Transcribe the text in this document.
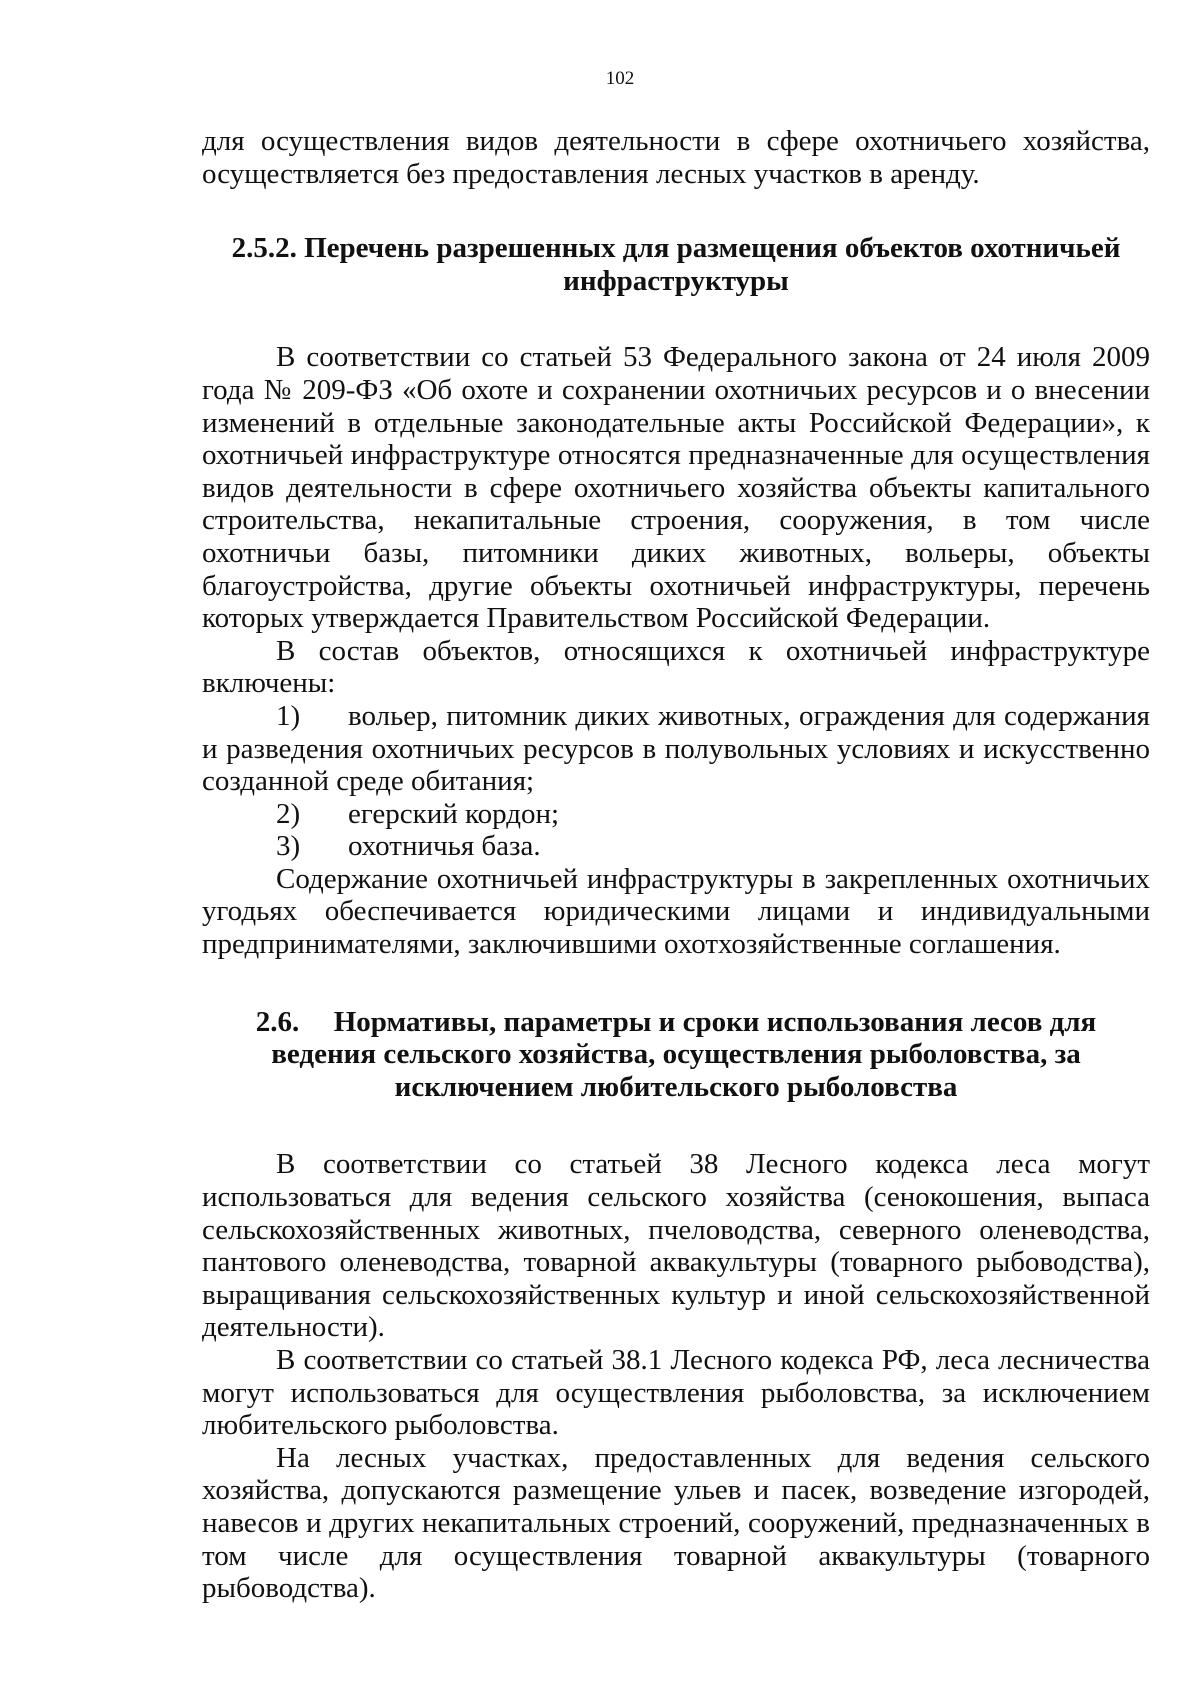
102

для осуществления видов деятельности в сфере охотничьего хозяйства, осуществляется без предоставления лесных участков в аренду.

2.5.2. Перечень разрешенных для размещения объектов охотничьей инфраструктуры

В соответствии со статьей 53 Федерального закона от 24 июля 2009 года № 209-ФЗ «Об охоте и сохранении охотничьих ресурсов и о внесении изменений в отдельные законодательные акты Российской Федерации», к охотничьей инфраструктуре относятся предназначенные для осуществления видов деятельности в сфере охотничьего хозяйства объекты капитального строительства, некапитальные строения, сооружения, в том числе охотничьи базы, питомники диких животных, вольеры, объекты благоустройства, другие объекты охотничьей инфраструктуры, перечень которых утверждается Правительством Российской Федерации.

В состав объектов, относящихся к охотничьей инфраструктуре включены:

1) вольер, питомник диких животных, ограждения для содержания и разведения охотничьих ресурсов в полувольных условиях и искусственно созданной среде обитания;

2) егерский кордон;

3) охотничья база.

Содержание охотничьей инфраструктуры в закрепленных охотничьих угодьях обеспечивается юридическими лицами и индивидуальными предпринимателями, заключившими охотхозяйственные соглашения.

2.6. Нормативы, параметры и сроки использования лесов для ведения сельского хозяйства, осуществления рыболовства, за исключением любительского рыболовства

В соответствии со статьей 38 Лесного кодекса леса могут использоваться для ведения сельского хозяйства (сенокошения, выпаса сельскохозяйственных животных, пчеловодства, северного оленеводства, пантового оленеводства, товарной аквакультуры (товарного рыбоводства), выращивания сельскохозяйственных культур и иной сельскохозяйственной деятельности).

В соответствии со статьей 38.1 Лесного кодекса РФ, леса лесничества могут использоваться для осуществления рыболовства, за исключением любительского рыболовства.

На лесных участках, предоставленных для ведения сельского хозяйства, допускаются размещение ульев и пасек, возведение изгородей, навесов и других некапитальных строений, сооружений, предназначенных в том числе для осуществления товарной аквакультуры (товарного рыбоводства).
